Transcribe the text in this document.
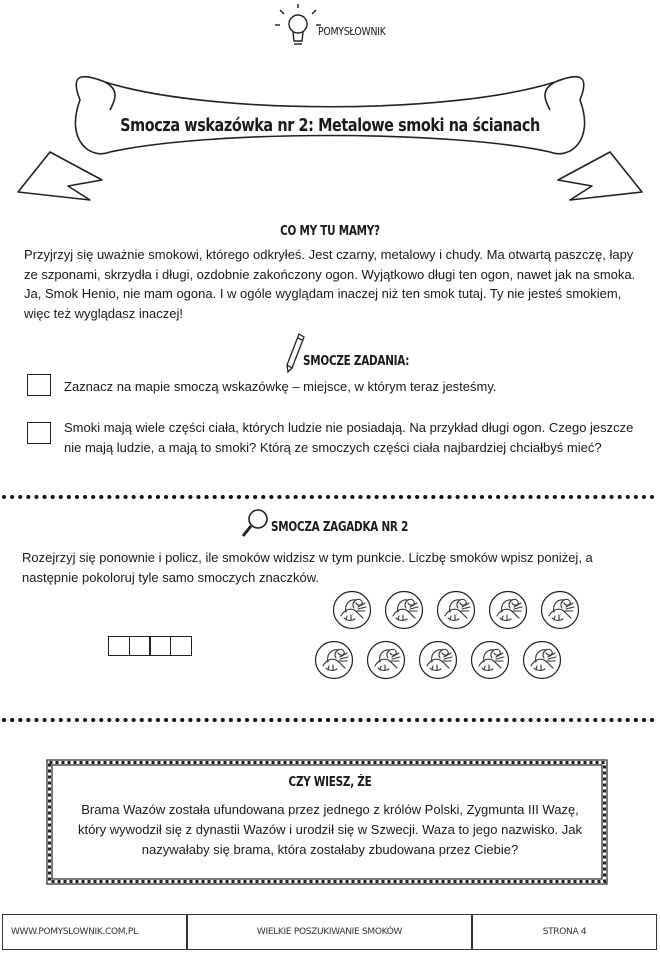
POMYSŁOWNIK
Smocza wskazówka nr 2: Metalowe smoki na ścianach
CO MY TU MAMY?

Przyjrzyj się uważnie smokowi, którego odkryłeś. Jest czarny, metalowy i chudy. Ma otwartą paszczę, łapy ze szponami, skrzydła i długi, ozdobnie zakończony ogon. Wyjątkowo długi ten ogon, nawet jak na smoka. Ja, Smok Henio, nie mam ogona. I w ogóle wyglądam inaczej niż ten smok tutaj. Ty nie jesteś smokiem, więc też wyglądasz inaczej!

SMOCZE ZADANIA:

Zaznacz na mapie smoczą wskazówkę – miejsce, w którym teraz jesteśmy.

Smoki mają wiele części ciała, których ludzie nie posiadają. Na przykład długi ogon. Czego jeszcze nie mają ludzie, a mają to smoki? Którą ze smoczych części ciała najbardziej chciałbyś mieć?

SMOCZA ZAGADKA NR 2

Rozejrzyj się ponownie i policz, ile smoków widzisz w tym punkcie. Liczbę smoków wpisz poniżej, a następnie pokoloruj tyle samo smoczych znaczków.

CZY WIESZ, ŻE

Brama Wazów została ufundowana przez jednego z królów Polski, Zygmunta III Wazę, który wywodził się z dynastii Wazów i urodził się w Szwecji. Waza to jego nazwisko. Jak nazywałaby się brama, która zostałaby zbudowana przez Ciebie?

WWW.POMYSLOWNIK.COM.PL	WIELKIE POSZUKIWANIE SMOKÓW	STRONA 4
